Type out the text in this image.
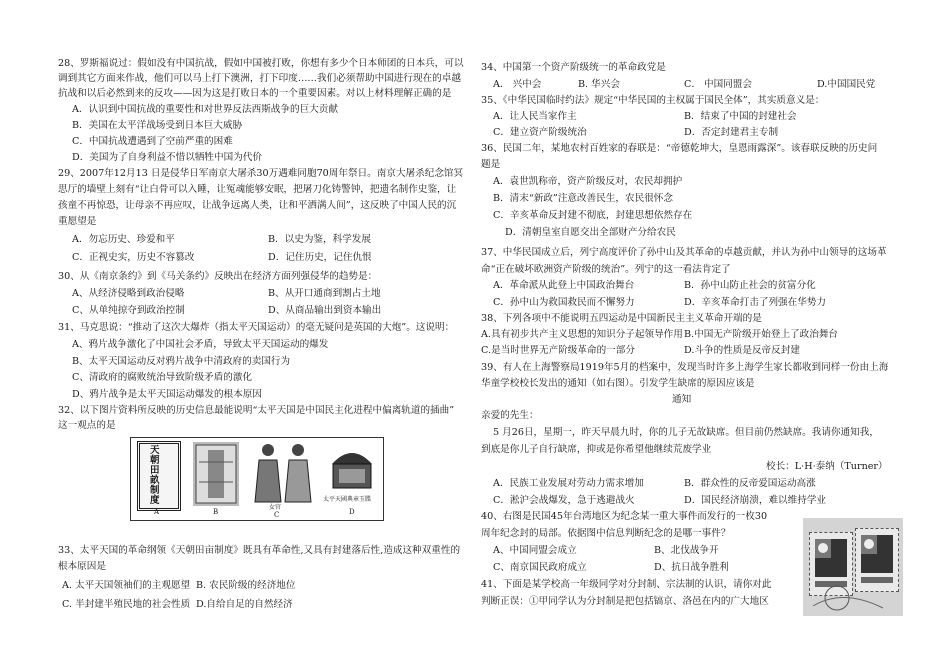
28、罗斯福说过：假如没有中国抗战，假如中国被打败，你想有多少个日本师团的日本兵，可以
调到其它方面来作战，他们可以马上打下澳洲，打下印度……我们必须帮助中国进行现在的卓越
抗战和以后必然到来的反攻——因为这是打败日本的一个重要因素。对以上材料理解正确的是
A．认识到中国抗战的重要性和对世界反法西斯战争的巨大贡献
B．美国在太平洋战场受到日本巨大威胁
C．中国抗战遭遇到了空前严重的困难
D．美国为了自身利益不惜以牺牲中国为代价
29、2007年12月13 日是侵华日军南京大屠杀30万遇难同胞70周年祭日。南京大屠杀纪念馆冥
思厅的墙壁上刻有“让白骨可以入睡，让冤魂能够安眠，把屠刀化铸警钟，把遗名制作史鉴，让
孩童不再惊恐，让母亲不再应叹，让战争远离人类，让和平洒满人间”，这反映了中国人民的沉
重愿望是
A．勿忘历史、珍爱和平	B．以史为鉴，科学发展
C．正视史实，历史不容篡改	D．记住历史，记住仇恨
30、从《南京条约》到《马关条约》反映出在经济方面列强侵华的趋势是：
A、从经济侵略到政治侵略	B、从开口通商到割占土地
C、从单纯掠夺到政治控制	D、从商品输出到资本输出
31、马克思说：“推动了这次大爆炸（指太平天国运动）的毫无疑问是英国的大炮”。这说明：
A、鸦片战争激化了中国社会矛盾，导致太平天国运动的爆发
B、太平天国运动反对鸦片战争中清政府的卖国行为
C、清政府的腐败统治导致阶级矛盾的激化
D、鸦片战争是太平天国运动爆发的根本原因
32、以下图片资料所反映的历史信息最能说明“太平天国是中国民主化进程中偏离轨道的插曲”
这一观点的是
天朝田畝制度
女官
太平天國典章玉牒
A	B	C	D
33、太平天国的革命纲领《天朝田亩制度》既具有革命性,又具有封建落后性,造成这种双重性的
根本原因是
A. 太平天国领袖们的主观愿望 B. 农民阶级的经济地位
C. 半封建半殖民地的社会性质 D.自给自足的自然经济
34、中国第一个资产阶级统一的革命政党是
A． 兴中会	B. 华兴会	C． 中国同盟会	D.中国国民党
35、《中华民国临时约法》规定“中华民国的主权属于国民全体”，其实质意义是：
A．让人民当家作主	B．结束了中国的封建社会
C．建立资产阶级统治	D．否定封建君主专制
36、民国二年，某地农村百姓家的春联是：“帝德乾坤大，皇恩雨露深”。该春联反映的历史问
题是
A．袁世凯称帝，资产阶级反对，农民却拥护
B．清末“新政”注意改善民生，农民很怀念
C．辛亥革命反封建不彻底，封建思想依然存在
D．清朝皇室自愿交出全部财产分给农民
37、中华民国成立后，列宁高度评价了孙中山及其革命的卓越贡献，并认为孙中山领导的这场革
命“正在破坏欧洲资产阶级的统治”。列宁的这一看法肯定了
A．革命派从此登上中国政治舞台	B．孙中山防止社会的贫富分化
C．孙中山为救国救民而不懈努力	D．辛亥革命打击了列强在华势力
38、下列各项中不能说明五四运动是中国新民主主义革命开端的是
A.具有初步共产主义思想的知识分子起领导作用 B.中国无产阶级开始登上了政治舞台
C.是当时世界无产阶级革命的一部分	D.斗争的性质是反帝反封建
39、有人在上海警察局1919年5月的档案中，发现当时许多上海学生家长都收到同样一份由上海
华童学校校长发出的通知（如右图）。引发学生缺席的原因应该是
通知
亲爱的先生：
5 月26日，星期一，昨天早晨九时，你的儿子无故缺席。但目前仍然缺席。我请你通知我，
到底是你儿子自行缺席，抑或是你希望他继续荒废学业
校长：L·H·泰纳（Turner）
A．民族工业发展对劳动力需求增加	B．群众性的反帝爱国运动高涨
C．淞沪会战爆发，急于逃避战火	D．国民经济崩溃，难以维持学业
40、右图是民国45年台湾地区为纪念某一重大事件而发行的一枚30
周年纪念封的局部。依据图中信息判断纪念的是哪一事件？
A、中国同盟会成立	B、北伐战争开
C、南京国民政府成立	D、抗日战争胜利
41、下面是某学校高一年级同学对分封制、宗法制的认识，请你对此
判断正误：①甲同学认为分封制是把包括镐京、洛邑在内的广大地区
